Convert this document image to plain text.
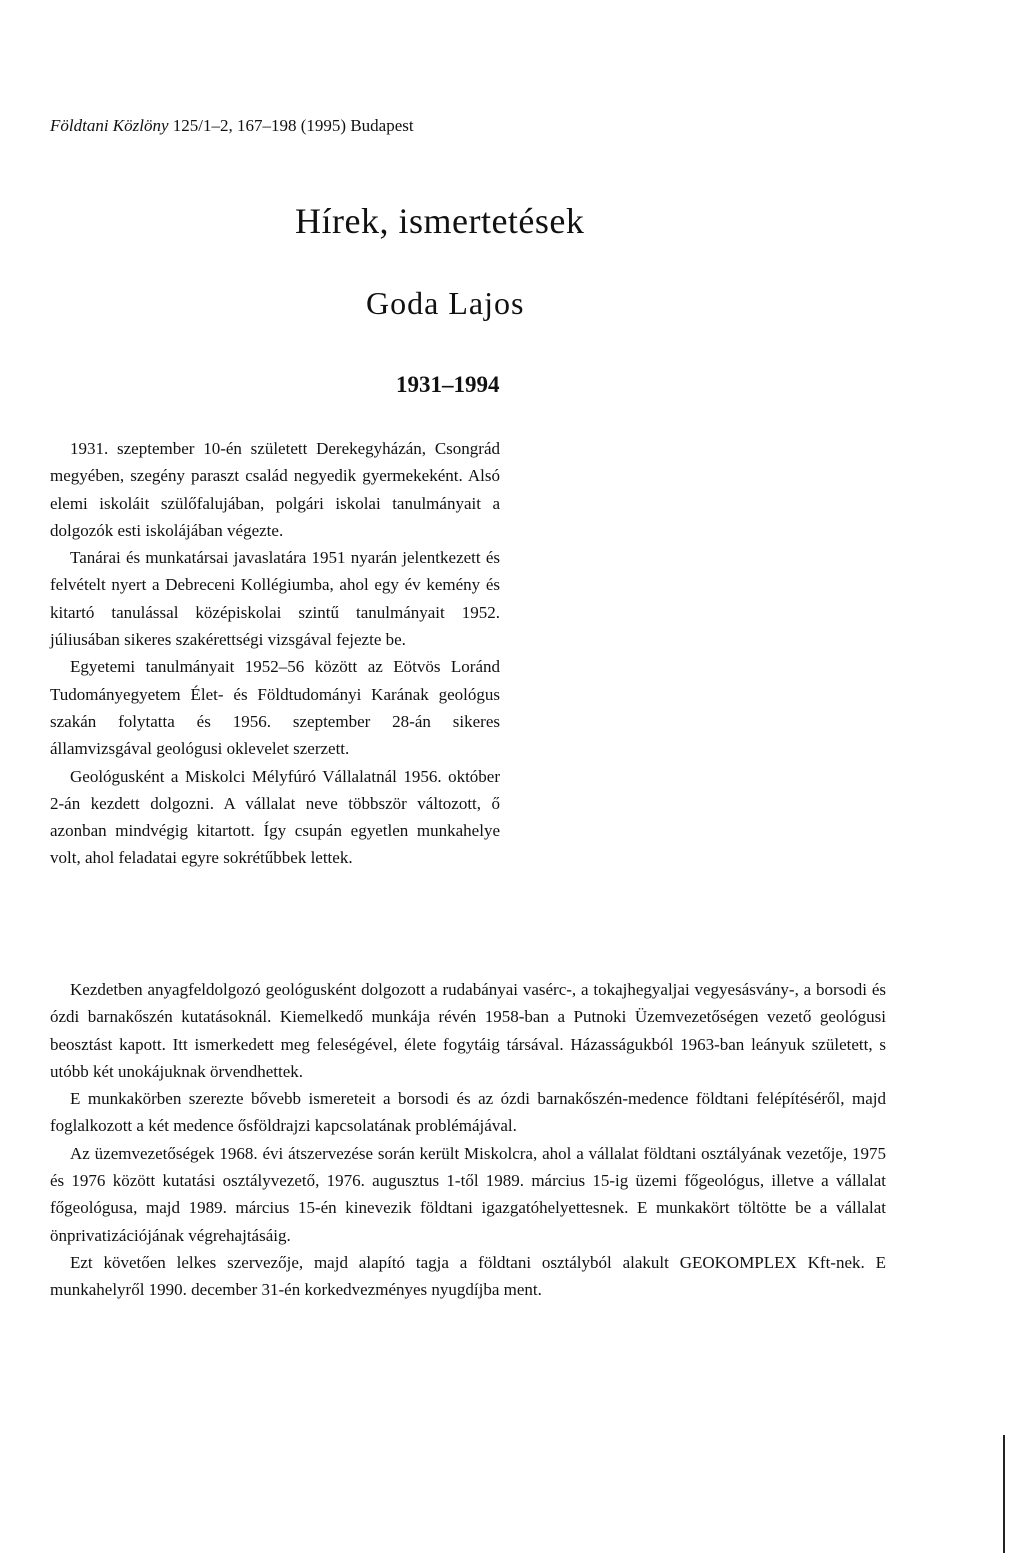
Földtani Közlöny 125/1–2, 167–198 (1995) Budapest
Hírek, ismertetések
Goda Lajos
1931–1994

1931. szeptember 10-én született Derekegyházán, Csongrád megyében, szegény paraszt család negyedik gyermekeként. Alsó elemi iskoláit szülőfalujában, polgári iskolai tanulmányait a dolgozók esti iskolájában végezte.

Tanárai és munkatársai javaslatára 1951 nyarán jelentkezett és felvételt nyert a Debreceni Kollégiumba, ahol egy év kemény és kitartó tanulással középiskolai szintű tanulmányait 1952. júliusában sikeres szakérettségi vizsgával fejezte be.

Egyetemi tanulmányait 1952–56 között az Eötvös Loránd Tudományegyetem Élet- és Földtudományi Karának geológus szakán folytatta és 1956. szeptember 28-án sikeres államvizsgával geológusi oklevelet szerzett.

Geológusként a Miskolci Mélyfúró Vállalatnál 1956. október 2-án kezdett dolgozni. A vállalat neve többször változott, ő azonban mindvégig kitartott. Így csupán egyetlen munkahelye volt, ahol feladatai egyre sokrétűbbek lettek.

Kezdetben anyagfeldolgozó geológusként dolgozott a rudabányai vasérc-, a tokajhegyaljai vegyesásvány-, a borsodi és ózdi barnakőszén kutatásoknál. Kiemelkedő munkája révén 1958-ban a Putnoki Üzemvezetőségen vezető geológusi beosztást kapott. Itt ismerkedett meg feleségével, élete fogytáig társával. Házasságukból 1963-ban leányuk született, s utóbb két unokájuknak örvendhettek.

E munkakörben szerezte bővebb ismereteit a borsodi és az ózdi barnakőszén-medence földtani felépítéséről, majd foglalkozott a két medence ősföldrajzi kapcsolatának problémájával.

Az üzemvezetőségek 1968. évi átszervezése során került Miskolcra, ahol a vállalat földtani osztályának vezetője, 1975 és 1976 között kutatási osztályvezető, 1976. augusztus 1-től 1989. március 15-ig üzemi főgeológus, illetve a vállalat főgeológusa, majd 1989. március 15-én kinevezik földtani igazgatóhelyettesnek. E munkakört töltötte be a vállalat önprivatizációjának végrehajtásáig.

Ezt követően lelkes szervezője, majd alapító tagja a földtani osztályból alakult GEOKOMPLEX Kft-nek. E munkahelyről 1990. december 31-én korkedvezményes nyugdíjba ment.
